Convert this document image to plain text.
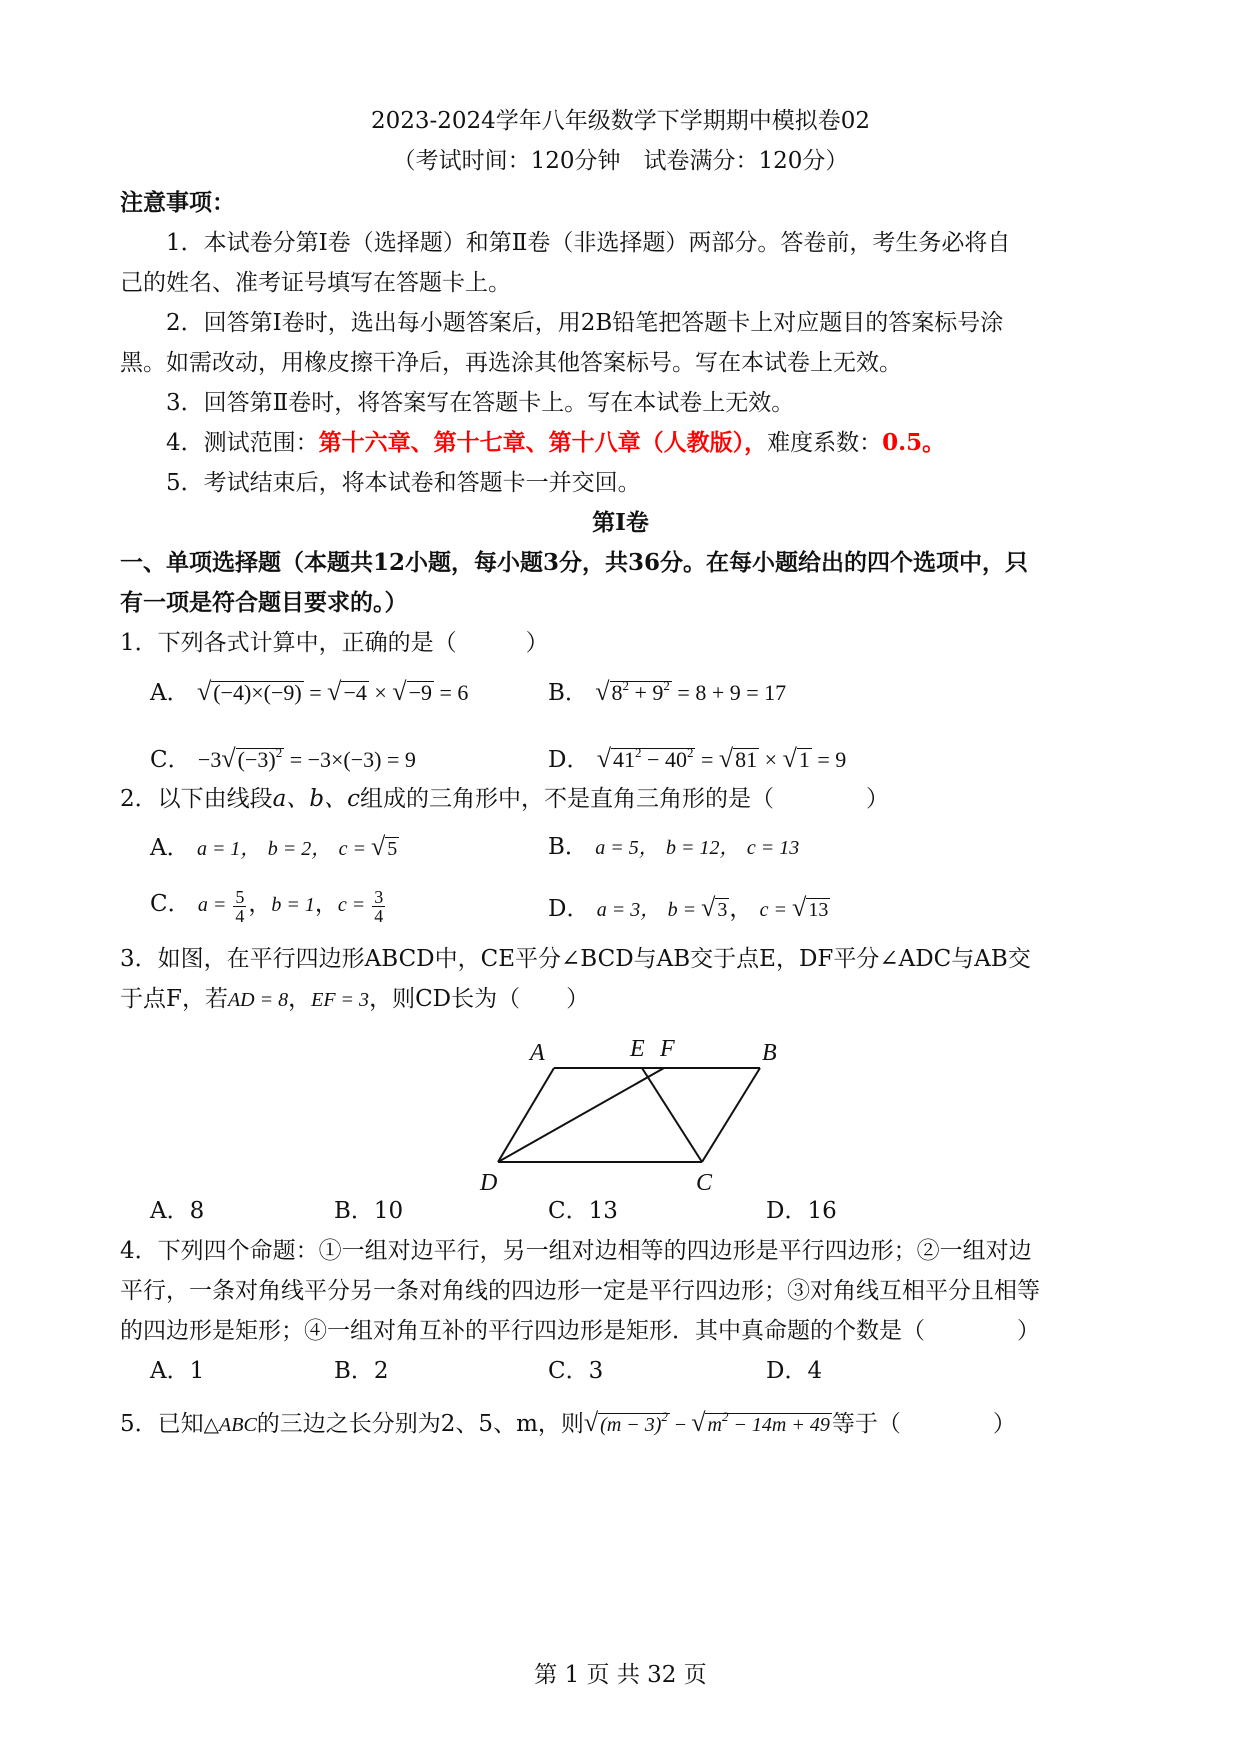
2023-2024学年八年级数学下学期期中模拟卷02
（考试时间：120分钟　试卷满分：120分）
注意事项：
1．本试卷分第Ⅰ卷（选择题）和第Ⅱ卷（非选择题）两部分。答卷前，考生务必将自
己的姓名、准考证号填写在答题卡上。
2．回答第Ⅰ卷时，选出每小题答案后，用2B铅笔把答题卡上对应题目的答案标号涂
黑。如需改动，用橡皮擦干净后，再选涂其他答案标号。写在本试卷上无效。
3．回答第Ⅱ卷时，将答案写在答题卡上。写在本试卷上无效。
4．测试范围：第十六章、第十七章、第十八章（人教版），难度系数：0.5。
5．考试结束后，将本试卷和答题卡一并交回。
第Ⅰ卷
一、单项选择题（本题共12小题，每小题3分，共36分。在每小题给出的四个选项中，只
有一项是符合题目要求的。）
1．下列各式计算中，正确的是（　　　）
A． √(−4)×(−9) = √−4 × √−9 = 6	B． $√8^2 + 9^2 = 8 + 9 = 17$
C． $-3√(-3)^2 = -3\times(-3) = 9$	D． $√41^2 - 40^2 = √81 \times √1 = 9$
2．以下由线段a、b、c组成的三角形中，不是直角三角形的是（　　　　）
A． a = 1， b = 2， c = √ 5	B． a = 5， b = 12， c = 13
C． $a = \frac{5}{4}$ ，b = 1，$c = \frac{3}{4}$	D． a = 3， b = √ 3， c = √ 13
3．如图，在平行四边形ABCD中，CE平分∠BCD与AB交于点E，DF平分∠ADC与AB交
于点F，若AD = 8，EF = 3，则CD长为（　　）
A	E F	B
D	C
A．8	B．10	C．13	D．16
4．下列四个命题：①一组对边平行，另一组对边相等的四边形是平行四边形；②一组对边
平行，一条对角线平分另一条对角线的四边形一定是平行四边形；③对角线互相平分且相等
的四边形是矩形；④一组对角互补的平行四边形是矩形．其中真命题的个数是（　　　　）
A．1	B．2	C．3	D．4
5．已知△ABC的三边之长分别为2、5、m，则√ $(m - 3)^2$ − √ $m^2 - 14m + 49$等于（　　　　）
第 1 页 共 32 页
